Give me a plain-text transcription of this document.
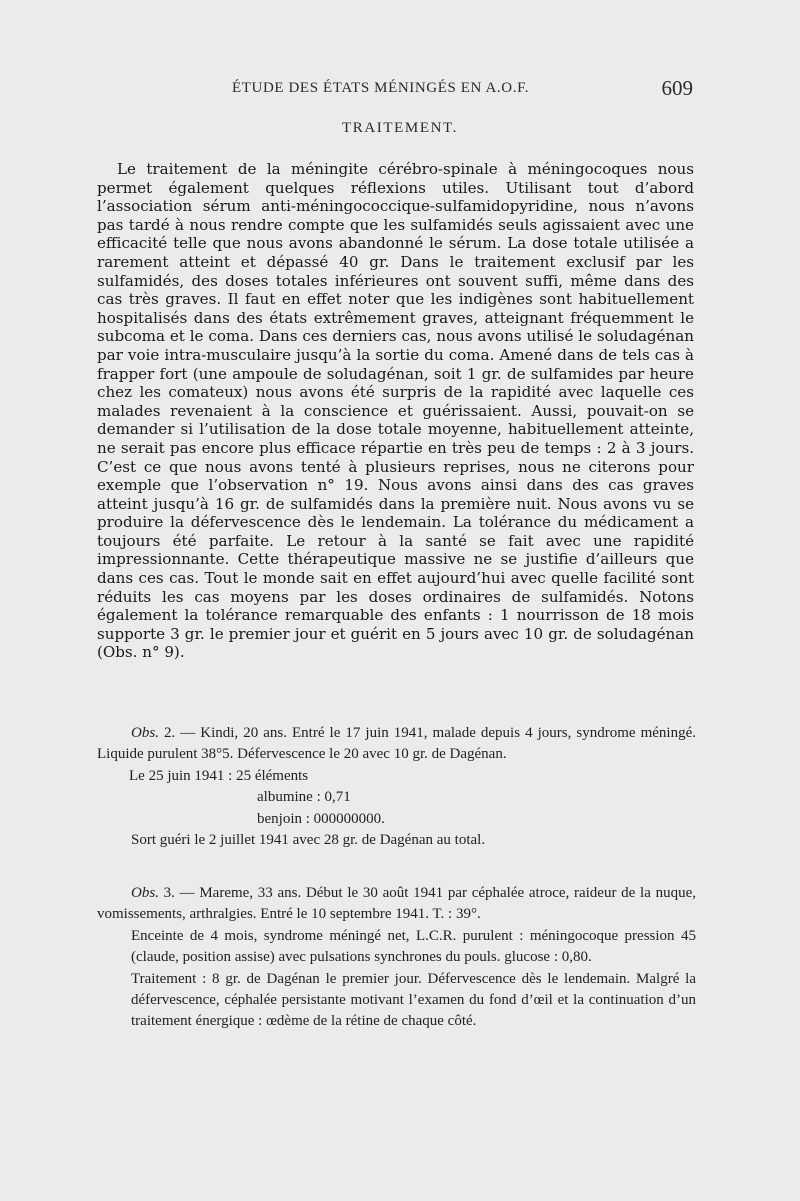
ÉTUDE DES ÉTATS MÉNINGÉS EN A.O.F.	609
TRAITEMENT.

Le traitement de la méningite cérébro-spinale à méningocoques nous permet également quelques réflexions utiles. Utilisant tout d’abord l’association sérum anti-méningococcique-sulfamidopyridine, nous n’avons pas tardé à nous rendre compte que les sulfamidés seuls agissaient avec une efficacité telle que nous avons abandonné le sérum. La dose totale utilisée a rarement atteint et dépassé 40 gr. Dans le traitement exclusif par les sulfamidés, des doses totales inférieures ont souvent suffi, même dans des cas très graves. Il faut en effet noter que les indigènes sont habituellement hospitalisés dans des états extrêmement graves, atteignant fréquemment le subcoma et le coma. Dans ces derniers cas, nous avons utilisé le soludagénan par voie intra-musculaire jusqu’à la sortie du coma. Amené dans de tels cas à frapper fort (une ampoule de soludagénan, soit 1 gr. de sulfamides par heure chez les comateux) nous avons été surpris de la rapidité avec laquelle ces malades revenaient à la conscience et guérissaient. Aussi, pouvait-on se demander si l’utilisation de la dose totale moyenne, habituellement atteinte, ne serait pas encore plus efficace répartie en très peu de temps : 2 à 3 jours. C’est ce que nous avons tenté à plusieurs reprises, nous ne citerons pour exemple que l’observation n° 19. Nous avons ainsi dans des cas graves atteint jusqu’à 16 gr. de sulfamidés dans la première nuit. Nous avons vu se produire la défervescence dès le lendemain. La tolérance du médicament a toujours été parfaite. Le retour à la santé se fait avec une rapidité impressionnante. Cette thérapeutique massive ne se justifie d’ailleurs que dans ces cas. Tout le monde sait en effet aujourd’hui avec quelle facilité sont réduits les cas moyens par les doses ordinaires de sulfamidés. Notons également la tolérance remarquable des enfants : 1 nourrisson de 18 mois supporte 3 gr. le premier jour et guérit en 5 jours avec 10 gr. de soludagénan (Obs. n° 9).

Obs. 2. — Kindi, 20 ans. Entré le 17 juin 1941, malade depuis 4 jours, syndrome méningé. Liquide purulent 38°5. Défervescence le 20 avec 10 gr. de Dagénan.

Le 25 juin 1941 : 25 éléments

albumine : 0,71

benjoin : 000000000.

Sort guéri le 2 juillet 1941 avec 28 gr. de Dagénan au total.

Obs. 3. — Mareme, 33 ans. Début le 30 août 1941 par céphalée atroce, raideur de la nuque, vomissements, arthralgies. Entré le 10 septembre 1941. T. : 39°.

Enceinte de 4 mois, syndrome méningé net, L.C.R. purulent : méningocoque pression 45 (claude, position assise) avec pulsations synchrones du pouls. glucose : 0,80.

Traitement : 8 gr. de Dagénan le premier jour. Défervescence dès le lendemain. Malgré la défervescence, céphalée persistante motivant l’examen du fond d’œil et la continuation d’un traitement énergique : œdème de la rétine de chaque côté.
